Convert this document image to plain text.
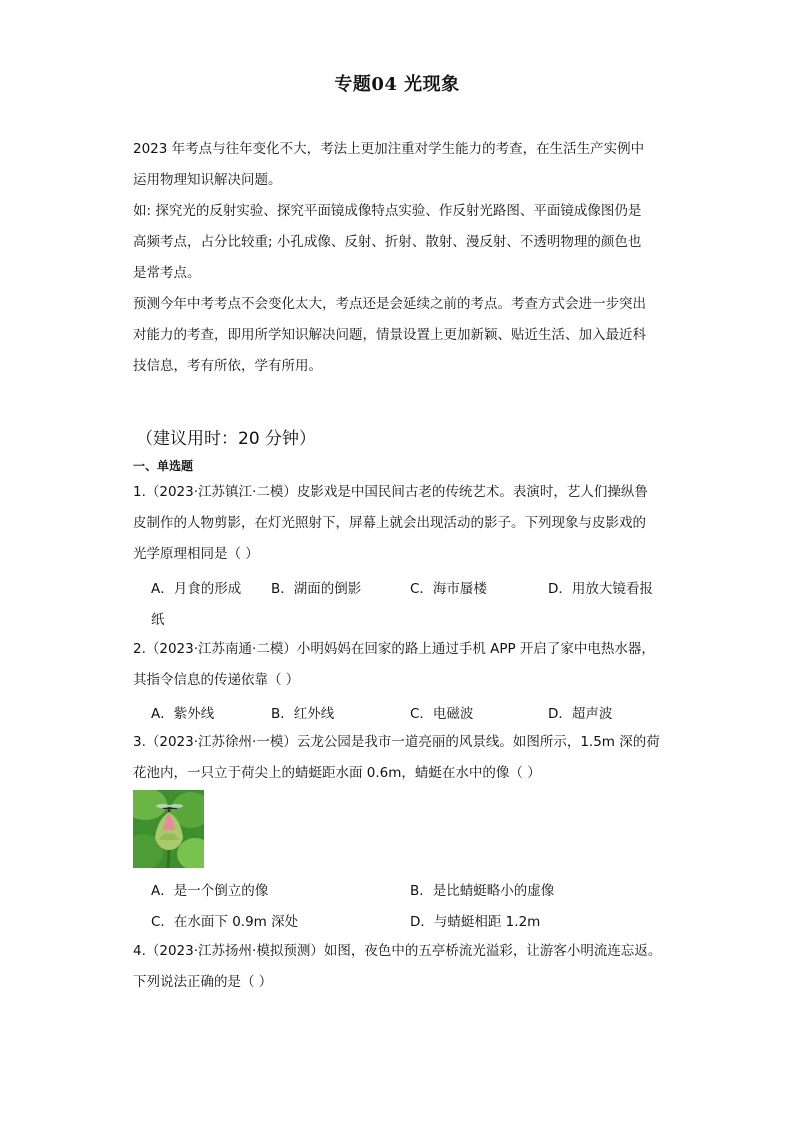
专题04 光现象
2023 年考点与往年变化不大，考法上更加注重对学生能力的考查，在生活生产实例中
运用物理知识解决问题。
如: 探究光的反射实验、探究平面镜成像特点实验、作反射光路图、平面镜成像图仍是
高频考点，占分比较重; 小孔成像、反射、折射、散射、漫反射、不透明物理的颜色也
是常考点。
预测今年中考考点不会变化太大，考点还是会延续之前的考点。考查方式会进一步突出
对能力的考查，即用所学知识解决问题，情景设置上更加新颖、贴近生活、加入最近科
技信息，考有所依，学有所用。
（建议用时：20 分钟）
一、单选题
1.（2023·江苏镇江·二模）皮影戏是中国民间古老的传统艺术。表演时，艺人们操纵鲁
皮制作的人物剪影，在灯光照射下，屏幕上就会出现活动的影子。下列现象与皮影戏的
光学原理相同是（ ）
A．月食的形成 B．湖面的倒影	C．海市蜃楼	D．用放大镜看报
纸
2.（2023·江苏南通·二模）小明妈妈在回家的路上通过手机 APP 开启了家中电热水器，
其指令信息的传递依靠（ ）
A．紫外线	B．红外线	C．电磁波	D．超声波
3.（2023·江苏徐州·一模）云龙公园是我市一道亮丽的风景线。如图所示，1.5m 深的荷
花池内，一只立于荷尖上的蜻蜓距水面 0.6m，蜻蜓在水中的像（ ）
A．是一个倒立的像	B．是比蜻蜓略小的虚像
C．在水面下 0.9m 深处	D．与蜻蜓相距 1.2m
4.（2023·江苏扬州·模拟预测）如图，夜色中的五亭桥流光溢彩，让游客小明流连忘返。
下列说法正确的是（ ）
